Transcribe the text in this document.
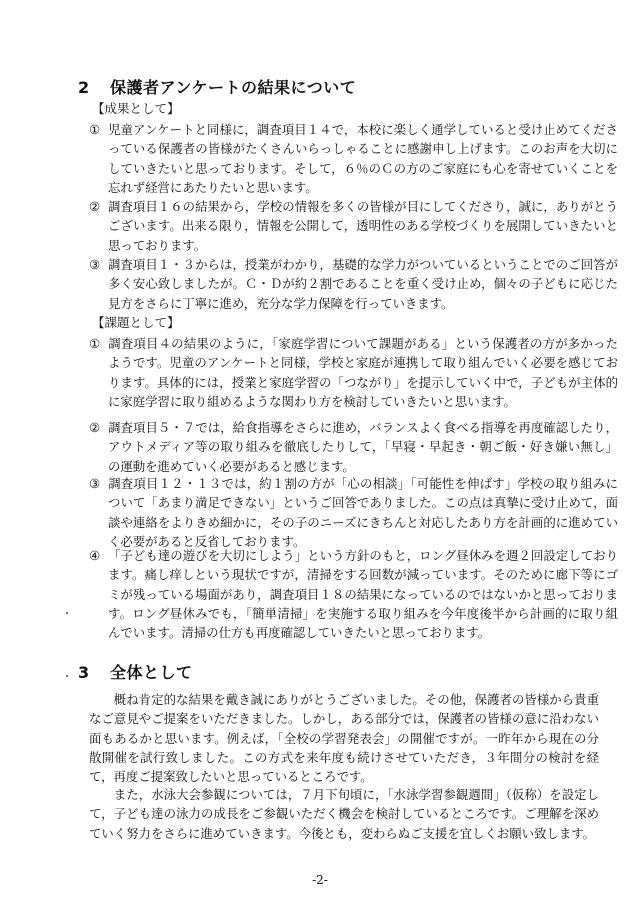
2 保護者アンケートの結果について
【成果として】
① 児童アンケートと同様に，調査項目１４で，本校に楽しく通学していると受け止めてくださっている保護者の皆様がたくさんいらっしゃることに感謝申し上げます。このお声を大切にしていきたいと思っております。そして，６％のＣの方のご家庭にも心を寄せていくことを忘れず経営にあたりたいと思います。
② 調査項目１６の結果から，学校の情報を多くの皆様が目にしてくださり，誠に，ありがとうございます。出来る限り，情報を公開して，透明性のある学校づくりを展開していきたいと思っております。
③ 調査項目１・３からは，授業がわかり，基礎的な学力がついているということでのご回答が多く安心致しましたが。Ｃ・Ｄが約２割であることを重く受け止め，個々の子どもに応じた見方をさらに丁寧に進め，充分な学力保障を行っていきます。
【課題として】
① 調査項目４の結果のように，「家庭学習について課題がある」という保護者の方が多かったようです。児童のアンケートと同様，学校と家庭が連携して取り組んでいく必要を感じております。具体的には，授業と家庭学習の「つながり」を提示していく中で，子どもが主体的に家庭学習に取り組めるような関わり方を検討していきたいと思います。
② 調査項目５・７では，給食指導をさらに進め，バランスよく食べる指導を再度確認したり，アウトメディア等の取り組みを徹底したりして，「早寝・早起き・朝ご飯・好き嫌い無し」の運動を進めていく必要があると感じます。
③ 調査項目１２・１３では，約１割の方が「心の相談」「可能性を伸ばす」学校の取り組みについて「あまり満足できない」というご回答でありました。この点は真摯に受け止めて，面談や連絡をよりきめ細かに，その子のニーズにきちんと対応したあり方を計画的に進めていく必要があると反省しております。
④ 「子ども達の遊びを大切にしよう」という方針のもと，ロング昼休みを週２回設定しております。痛し痒しという現状ですが，清掃をする回数が減っています。そのために廊下等にゴミが残っている場面があり，調査項目１８の結果になっているのではないかと思っております。ロング昼休みでも，「簡単清掃」を実施する取り組みを今年度後半から計画的に取り組んでいます。清掃の仕方も再度確認していきたいと思っております。
3 全体として
概ね肯定的な結果を戴き誠にありがとうございました。その他，保護者の皆様から貴重なご意見やご提案をいただきました。しかし，ある部分では，保護者の皆様の意に沿わない面もあるかと思います。例えば，「全校の学習発表会」の開催ですが。一昨年から現在の分散開催を試行致しました。この方式を来年度も続けさせていただき，３年間分の検討を経て，再度ご提案致したいと思っているところです。
また，水泳大会参観については，７月下旬頃に，「水泳学習参観週間」（仮称）を設定して，子ども達の泳力の成長をご参観いただく機会を検討しているところです。ご理解を深めていく努力をさらに進めていきます。今後とも，変わらぬご支援を宜しくお願い致します。
-2-
